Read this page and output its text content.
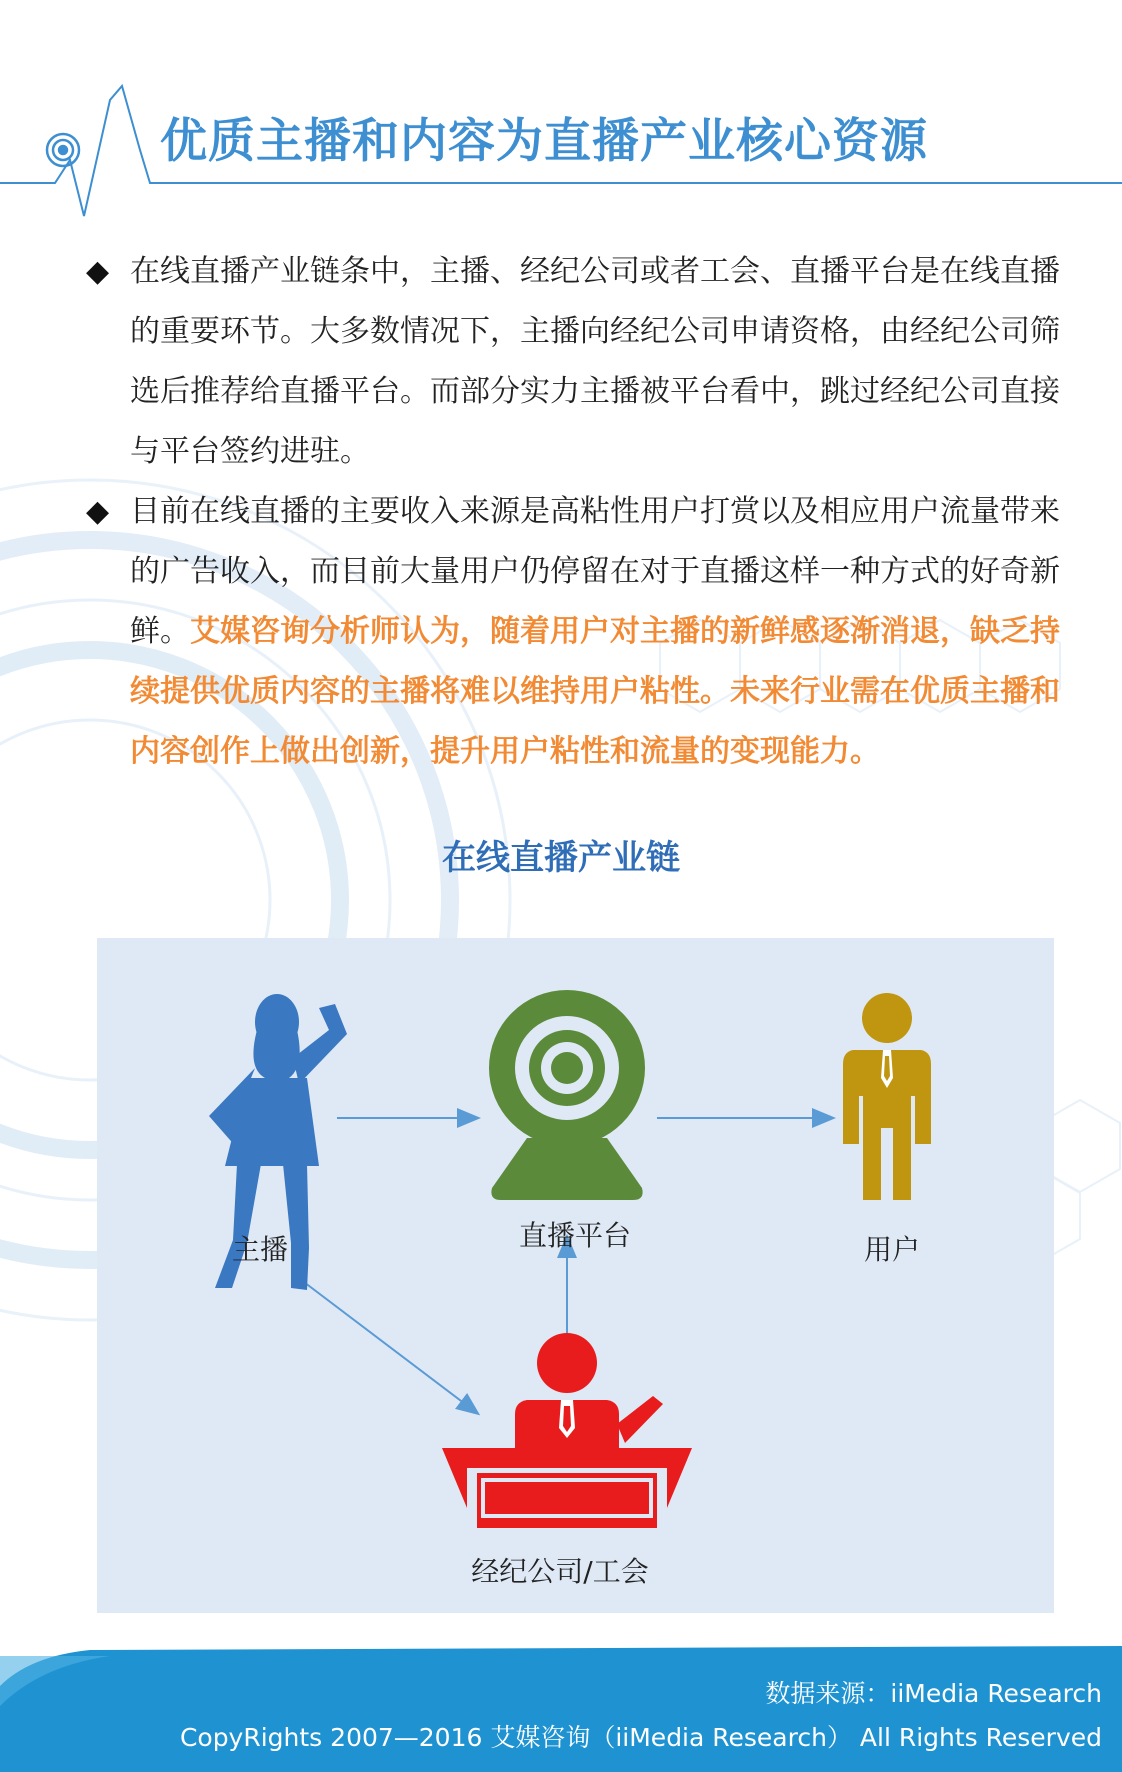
优质主播和内容为直播产业核心资源
◆ 在线直播产业链条中，主播、经纪公司或者工会、直播平台是在线直播的重要环节。大多数情况下，主播向经纪公司申请资格，由经纪公司筛选后推荐给直播平台。而部分实力主播被平台看中，跳过经纪公司直接与平台签约进驻。
◆ 目前在线直播的主要收入来源是高粘性用户打赏以及相应用户流量带来的广告收入，而目前大量用户仍停留在对于直播这样一种方式的好奇新鲜。艾媒咨询分析师认为，随着用户对主播的新鲜感逐渐消退，缺乏持续提供优质内容的主播将难以维持用户粘性。未来行业需在优质主播和内容创作上做出创新，提升用户粘性和流量的变现能力。
在线直播产业链
主播	直播平台	用户
经纪公司/工会
数据来源：iiMedia Research
CopyRights 2007—2016 艾媒咨询（iiMedia Research） All Rights Reserved
